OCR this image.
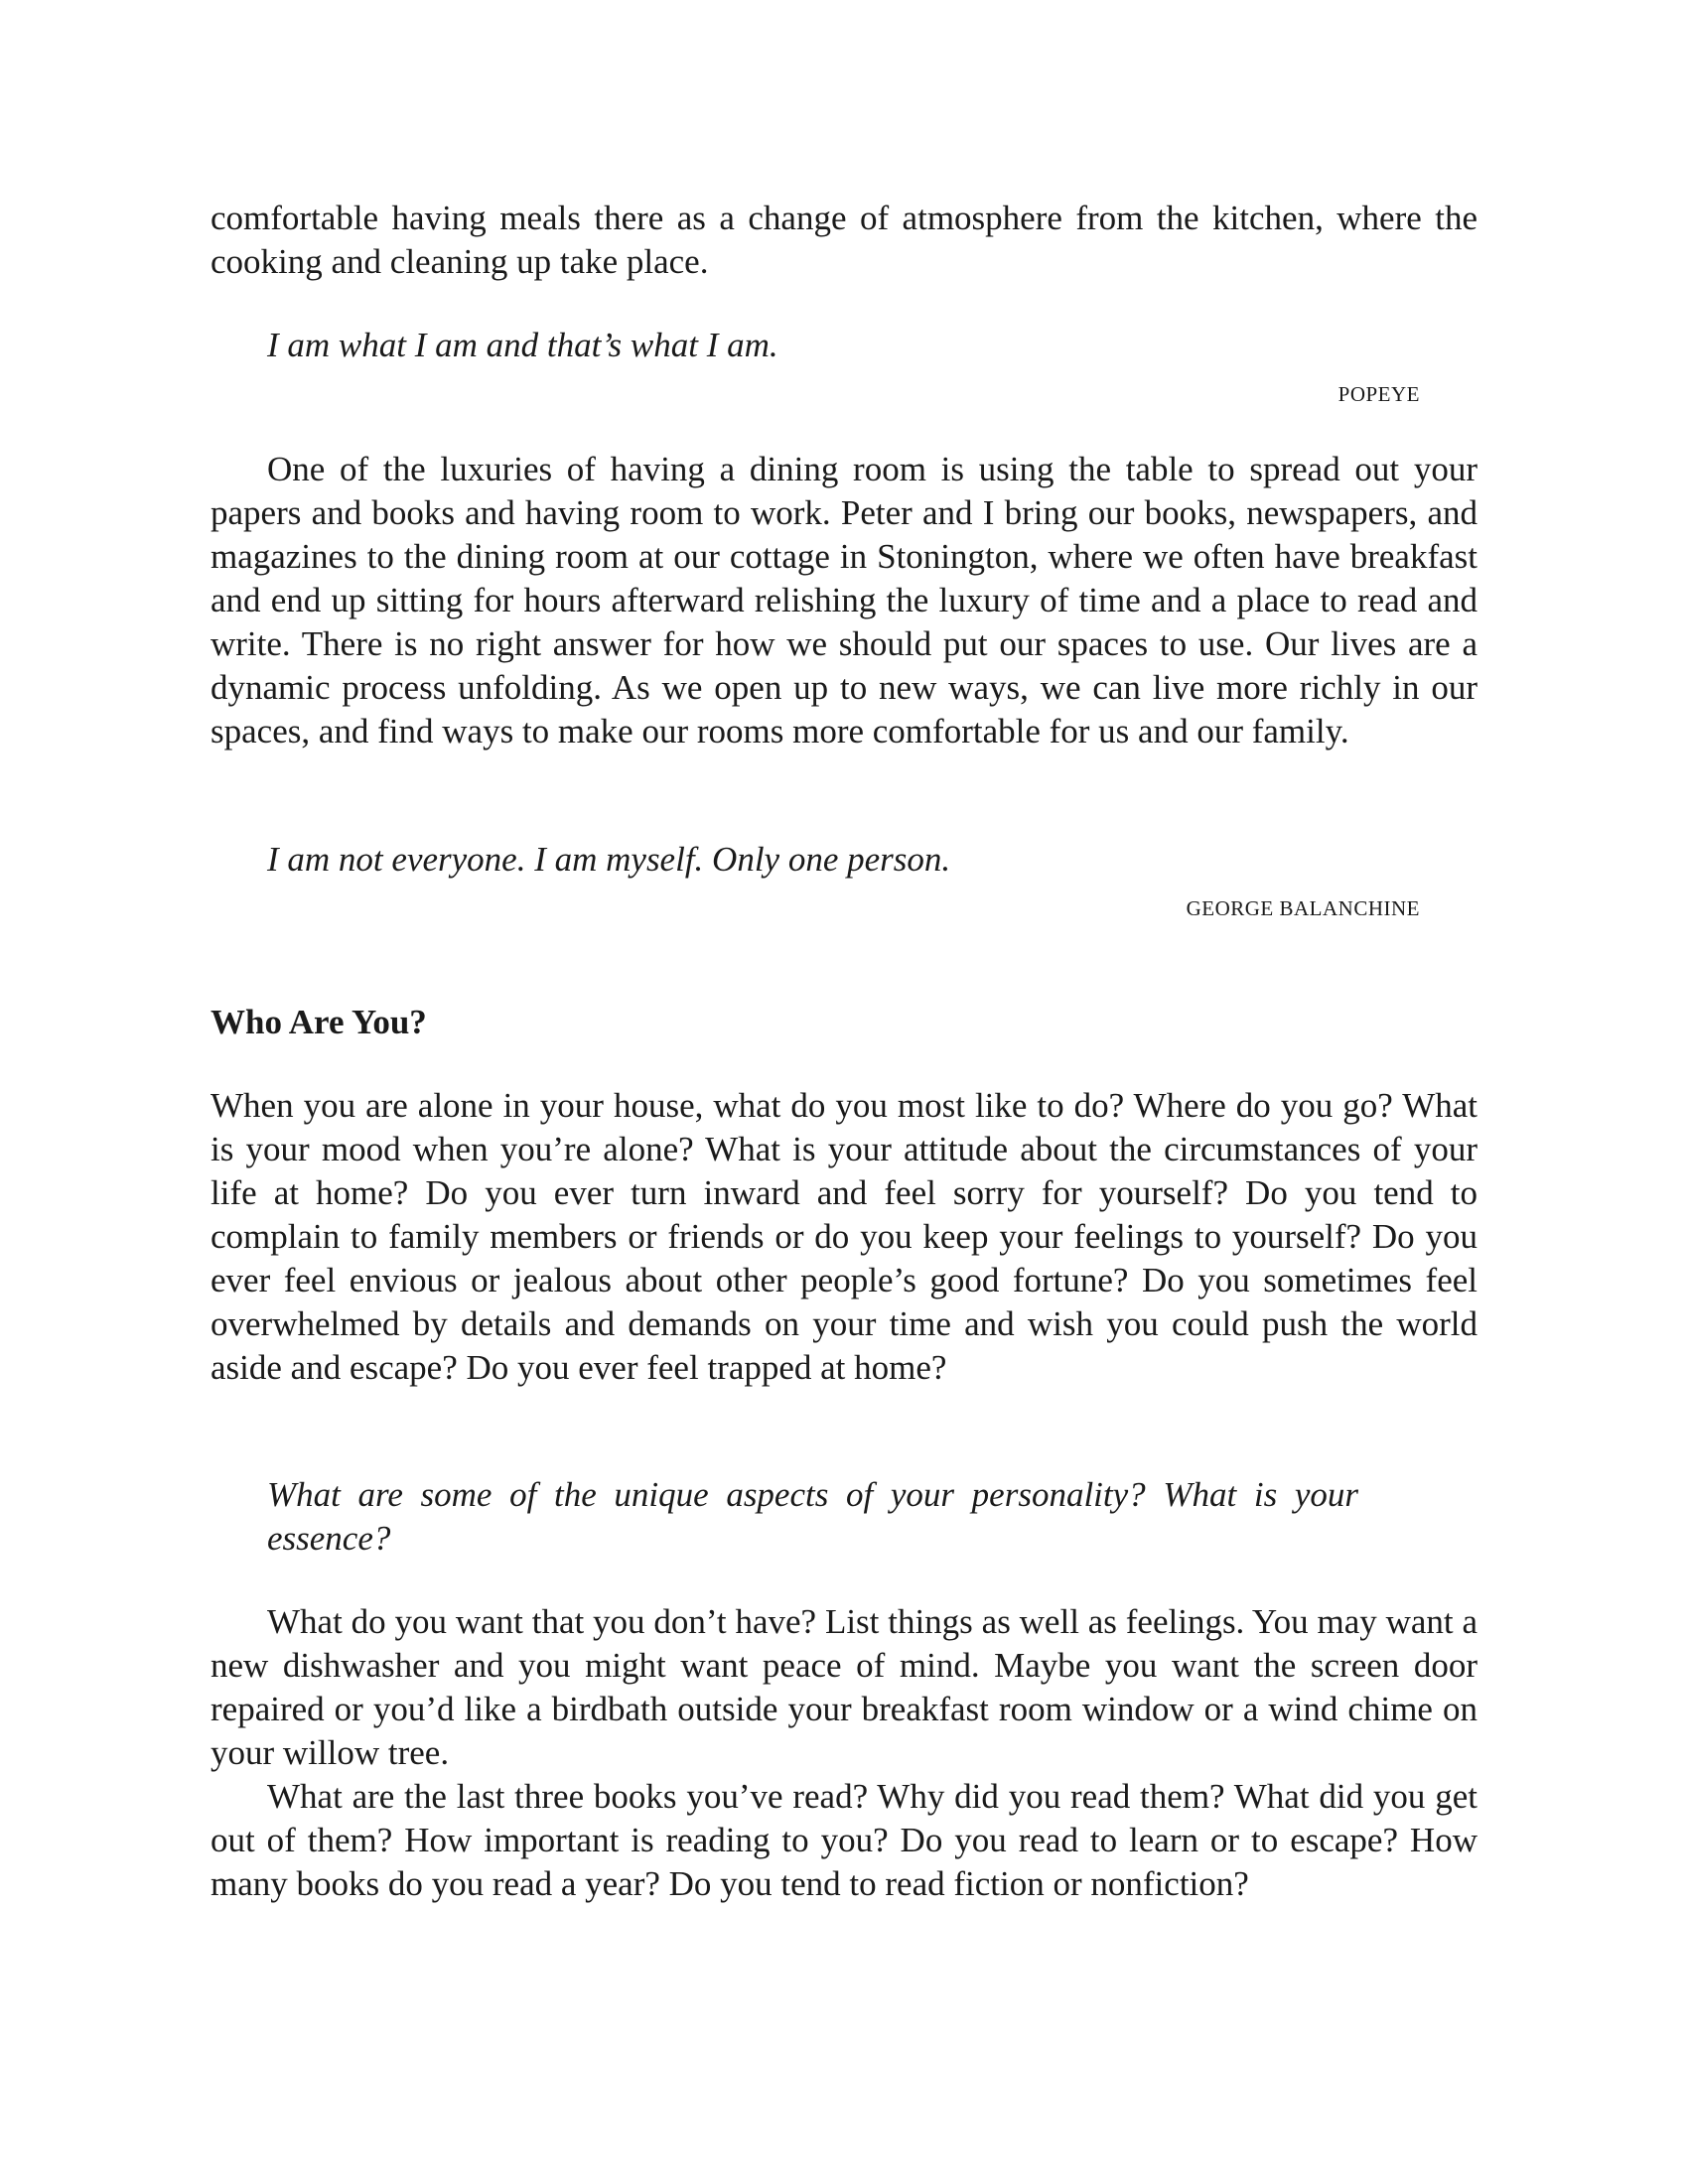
comfortable having meals there as a change of atmosphere from the kitchen, where the cooking and cleaning up take place.

I am what I am and that’s what I am.

POPEYE

One of the luxuries of having a dining room is using the table to spread out your papers and books and having room to work. Peter and I bring our books, newspapers, and magazines to the dining room at our cottage in Stonington, where we often have breakfast and end up sitting for hours afterward relishing the luxury of time and a place to read and write. There is no right answer for how we should put our spaces to use. Our lives are a dynamic process unfolding. As we open up to new ways, we can live more richly in our spaces, and find ways to make our rooms more comfortable for us and our family.

I am not everyone. I am myself. Only one person.

GEORGE BALANCHINE

Who Are You?

When you are alone in your house, what do you most like to do? Where do you go? What is your mood when you’re alone? What is your attitude about the circumstances of your life at home? Do you ever turn inward and feel sorry for yourself? Do you tend to complain to family members or friends or do you keep your feelings to yourself? Do you ever feel envious or jealous about other people’s good fortune? Do you sometimes feel overwhelmed by details and demands on your time and wish you could push the world aside and escape? Do you ever feel trapped at home?

What are some of the unique aspects of your personality? What is your essence?

What do you want that you don’t have? List things as well as feelings. You may want a new dishwasher and you might want peace of mind. Maybe you want the screen door repaired or you’d like a birdbath outside your breakfast room window or a wind chime on your willow tree.

What are the last three books you’ve read? Why did you read them? What did you get out of them? How important is reading to you? Do you read to learn or to escape? How many books do you read a year? Do you tend to read fiction or nonfiction?
